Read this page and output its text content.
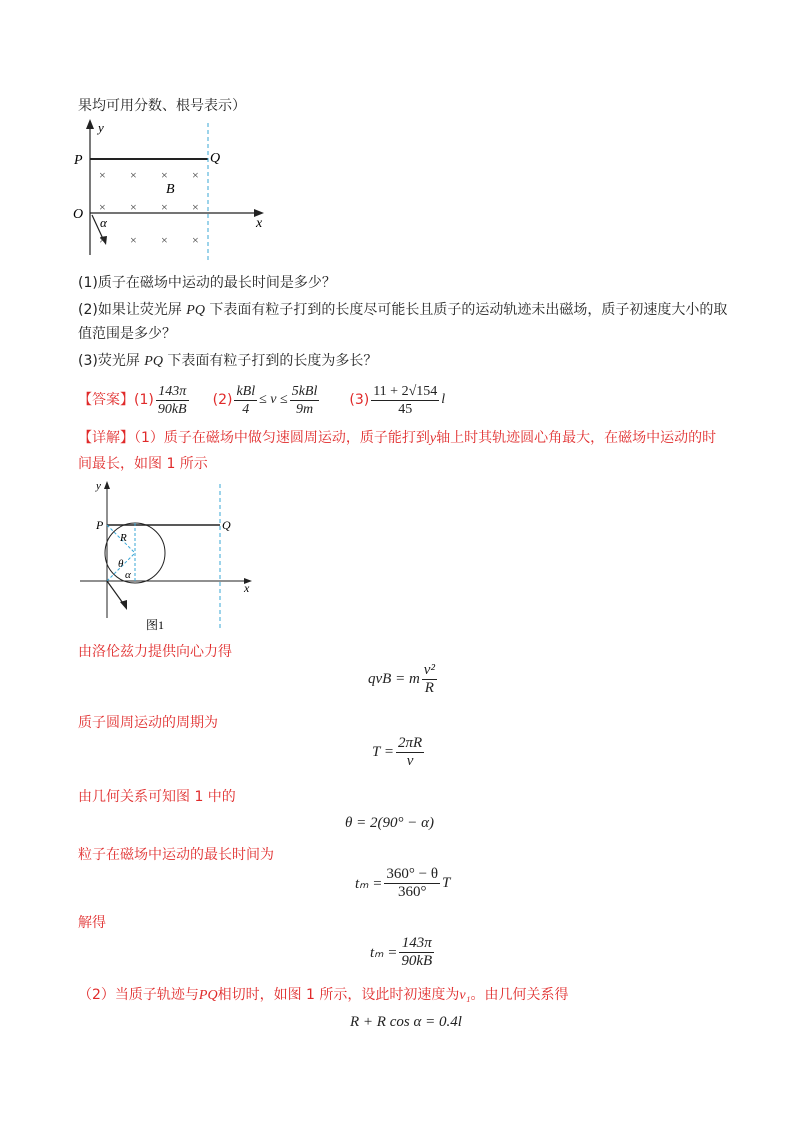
果均可用分数、根号表示）
y
x
P	Q
O
B
α
× × × ×
× × × ×
× × × ×
(1)质子在磁场中运动的最长时间是多少？
(2)如果让荧光屏 PQ 下表面有粒子打到的长度尽可能长且质子的运动轨迹未出磁场，质子初速度大小的取
值范围是多少？
(3)荧光屏 PQ 下表面有粒子打到的长度为多长？
【答案】 $(1) \frac{143\pi}{90kB} (2) \frac{\text{kBl}}{4} \le v \le \frac{\text{5kBl}}{9m} (3) \frac{11 + 2√154}{45}$ l
【详解】（1）质子在磁场中做匀速圆周运动，质子能打到y轴上时其轨迹圆心角最大，在磁场中运动的时
间最长，如图 1 所示
y
x
P	Q
R
θ
α
图1
由洛伦兹力提供向心力得
qvB = m $\frac{\text{v²}}{R}$
质子圆周运动的周期为
$T = \frac{2\pi R}{v}$
由几何关系可知图 1 中的
θ = 2(90° − α)
粒子在磁场中运动的最长时间为
$t_m = \frac{360^\circ - \theta}{360^\circ}$ T
解得
$t_m = \frac{143\pi}{90kB}$
（2）当质子轨迹与PQ相切时，如图 1 所示，设此时初速度为v₁。由几何关系得
R + R cos α = 0.4l
